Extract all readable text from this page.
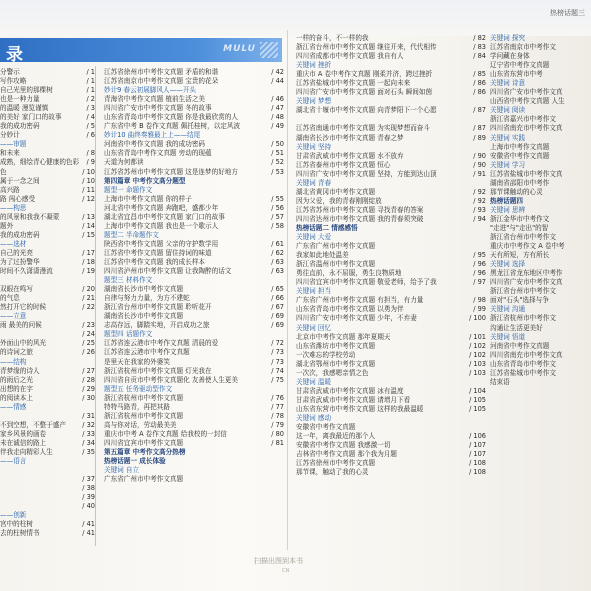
热榜话题三
录	MULU
分警示	/ 1
写作攻略	/ 1
自己光里的那棵树	/ 1
也是一种力量	/ 2
的温暖 漫览谨慎	/ 3
的美好 家门口的故事	/ 4
我的成功密码	/ 5
分妙计	/ 6
——审题
和未来	/ 8
成熟，细绘青心健康的色彩 / 9
色	/ 10
属于一念之间	/ 10
高兴路	/ 11
路 闯心感受	/ 12
——构思
的风景和我我不凝蒙	/ 13
题外	/ 14
我的成功密码	/ 15
——选材
自己的光亮	/ 17
为了过扮警华	/ 18
时间不久潇潇漫流	/ 19
双眼在鸣写	/ 20
的气息	/ 21
然打开它的时候	/ 22
——立意
雨 最美的问候	/ 23
/ 24
外面山中的风光	/ 25
的诗词之旅	/ 26
——结构
青梦缘的诗人	/ 27
的雨后之光	/ 28
出想的在字	/ 29
的阅读本上	/ 30
——情感
/ 31
不到空想，不整于盛产 / 32
家乡风景的画卷	/ 33
未在诚信的路上	/ 34
伴我走向精彩人生	/ 35
——语言
/ 37
/ 38
/ 39
/ 40
——创新
宫中的柱树	/ 41
去的柱树情书	/ 41
江苏省徐州市中考作文真题 矛盾的和谐	/ 42
江苏省南京市中考作文真题 宝贵的花朵	/ 44
妙计9 春云初展脚风人——开头
青海省中考作文真题 植前生活之美	/ 46
四川省广安市中考作文真题 冬的故事	/ 47
山东省青岛市中考作文真题 你是我最欣赏的人	/ 48
广东省中考 B 卷作文真题 佩托桂树，以定风波	/ 49
妙计10 曲终奏雅最上上——结尾
河南省中考作文真题 我的成功密码	/ 50
山东省青岛中考作文真题 旁动的现蕴	/ 51
天道为何都读	/ 52
江苏省苏州市中考作文真题 这是连梦的好地方	/ 53
第四篇章 中考作文高分题型
题型一 命题作文
上海市中考作文真题 你的样子	/ 55
河北省中考作文真题 奔跑吧，盛都少年	/ 56
湖北省宜昌市中考作文真题 家门口的故事	/ 57
上海市中考作文真题 我也是一个歌示人	/ 58
题型二 半命题作文
陕西省中考作文真题 父亲的守护数学用	/ 61
江苏省中考作文真题 留住持词的味道	/ 62
江苏省中考作文真题 我的成长样本	/ 63
四川省泸州市中考作文真题 让我陶醉的话文	/ 63
题型三 材料作文
湖南省长沙市中考作文真题	/ 65
自律与努力力量，为方不建蛇	/ 66
浙江省台州市中考作文真题 聆听花开	/ 67
湖南省长沙市中考作文真题	/ 69
志高存远，脚踏实地，开启成功之旅	/ 69
题型四 话题作文
江苏省连云港市中考作文真题 清晨的爱	/ 72
江苏省连云港市中考作文真题	/ 73
是里天在我家的外婆笑	/ 73
浙江省杭州市中考作文真题 灯光我在	/ 74
四川省自贡市中考作文真题化 友善使人生更美	/ 75
题型五 任务驱动型作文
浙江省杭州市中考作文真题	/ 76
特特马路青，再把其路	/ 77
浙江省杭州市中考作文真题	/ 78
高与你对话，劳动最美美	/ 79
重庆市中考 A 卷作文真题 给我校的一封信	/ 80
四川省宜宾市中考作文真题	/ 81
第五篇章 中考作文高分热榜
热榜话题一 成长体验
关键词 自立
广东省广州市中考作文真题
一样的奋斗，不一样的我	/ 82
浙江省台州市中考作文真题 继往开来，代代相传	/ 83
四川省成都市中考作文真题 我自有人	/ 84
关键词 挫折
重庆市 A 卷中考作文真题 刚柔并济，跨过挫折	/ 85
江苏省盐城市中考作文真题 一起向未来	/ 86
四川省广安市中考作文真题 面对石头 瞬间如茵	/ 86
关键词 梦想
湖北省十堰市中考作文真题 向青梦阳下一个心愿	/ 87
江苏省南通市中考作文真题 为实现梦想而奋斗	/ 87
湖南省长沙市中考作文真题 青春之梦	/ 89
关键词 坚持
甘肃省武威市中考作文真题 水不放弃	/ 90
江苏省泰州市中考作文真题 恒心	/ 90
四川省广安市中考作文真题 坚持，方能到达山顶	/ 91
关键词 青春
湖北省黄冈市中考作文真题	/ 92
因为父爱，我的青春刚刚绽放	/ 92
江苏省苏州市中考作文真题 寻找青春的答案	/ 93
四川省达州市中考作文真题 我的青春须突破	/ 94
热榜话题二 情感感悟
关键词 大爱
广东省广州市中考作文真题
我家如此地处温差	/ 95
浙江省温州市中考作文真题	/ 96
勇往直前，永不屈服，勇生良物质地	/ 96
四川省宜宾市中考作文真题 敬爱老师，给予了我	/ 97
关键词 担当
广东省广州市中考作文真题 有担当，有力量	/ 98
山东省青岛市中考作文真题 以勇为伴	/ 99
四川省广安市中考作文真题 少年，不弃妻	/ 100
关键词 回忆
北京市中考作文真题 那年夏期天	/ 101
山东省潍坊市中考作文真题	/ 102
一次难忘的学校劳动	/ 102
湖北省鄂州市中考作文真题	/ 103
一次次，我感嗯亲情之色	/ 103
关键词 温暖
甘肃省武威市中考作文真题 冰有温度	/ 104
甘肃省武威市中考作文真题 请增月下看	/ 105
山东省东营市中考作文真题 这样的我最温暖	/ 105
关键词 感动
安徽省中考作文真题
这一年，离我最近的那个人	/ 106
安徽省中考作文真题 我感激一切	/ 107
吉林省中考作文真题 那个我为月题	/ 107
江苏省徐州市中考作文真题	/ 108
那节课，触动了我的心灵	/ 108
关键词 探究
江苏省南京市中考作文
学问藏在身体
辽宁省中考作文真题
山东省东营市中考
关键词 诗意
四川省广安市中考作文真
山西省中考作文真题 人生
关键词 阅读
浙江省嘉兴市中考作文
四川省南充市中考作文真
关键词 实践
上海市中考作文真题
安徽省中考作文真题
关键词 学习
江苏省盐城市中考作文真
湖南省邵阳市中考作
那节课触动的心灵
热榜话题四
关键词 思辨
浙江金华市中考作文
"走进"与"走出"的智
浙江省台州市中考作文
重庆市中考作文 A 卷中考
天有所短，方有所长
关键词 选择
黑龙江省龙东地区中考作
四川省广安市中考作文真
浙江省台州市中考作文
面对"石头"选择与争
关键词 沟通
浙江省杭州市中考作文
沟通让生活更美好
关键词 悟道
河南省中考作文真题
四川省南充市中考作文真
山东省青岛市中考作文
江苏省盐城市中考作文
结束语
扫描出图到本书
CN
